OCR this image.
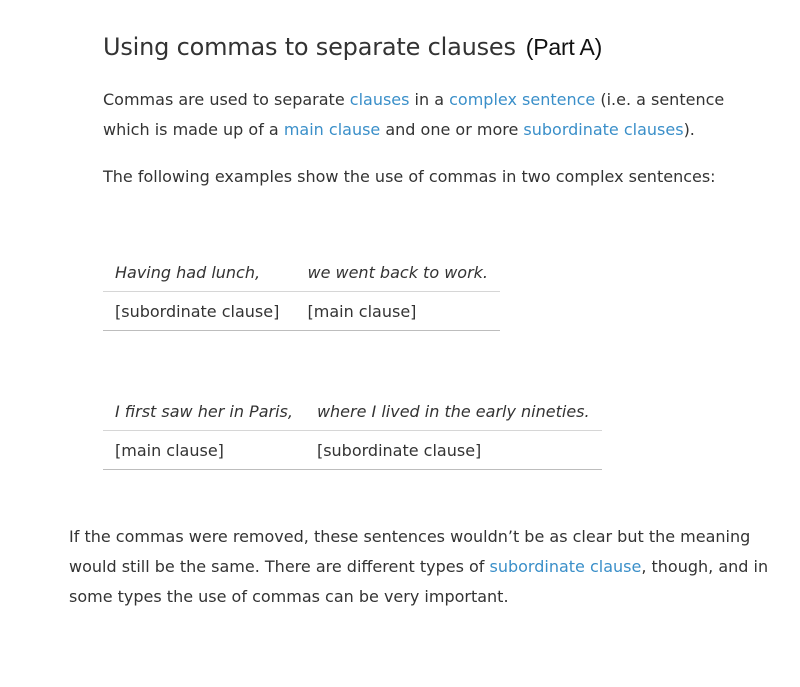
Using commas to separate clauses (Part A)

Commas are used to separate clauses in a complex sentence (i.e. a sentence which is made up of a main clause and one or more subordinate clauses).

The following examples show the use of commas in two complex sentences:

Having had lunch,	we went back to work.
[subordinate clause]	[main clause]
I first saw her in Paris,	where I lived in the early nineties.
[main clause]	[subordinate clause]

If the commas were removed, these sentences wouldn’t be as clear but the meaning would still be the same. There are different types of subordinate clause, though, and in some types the use of commas can be very important.
